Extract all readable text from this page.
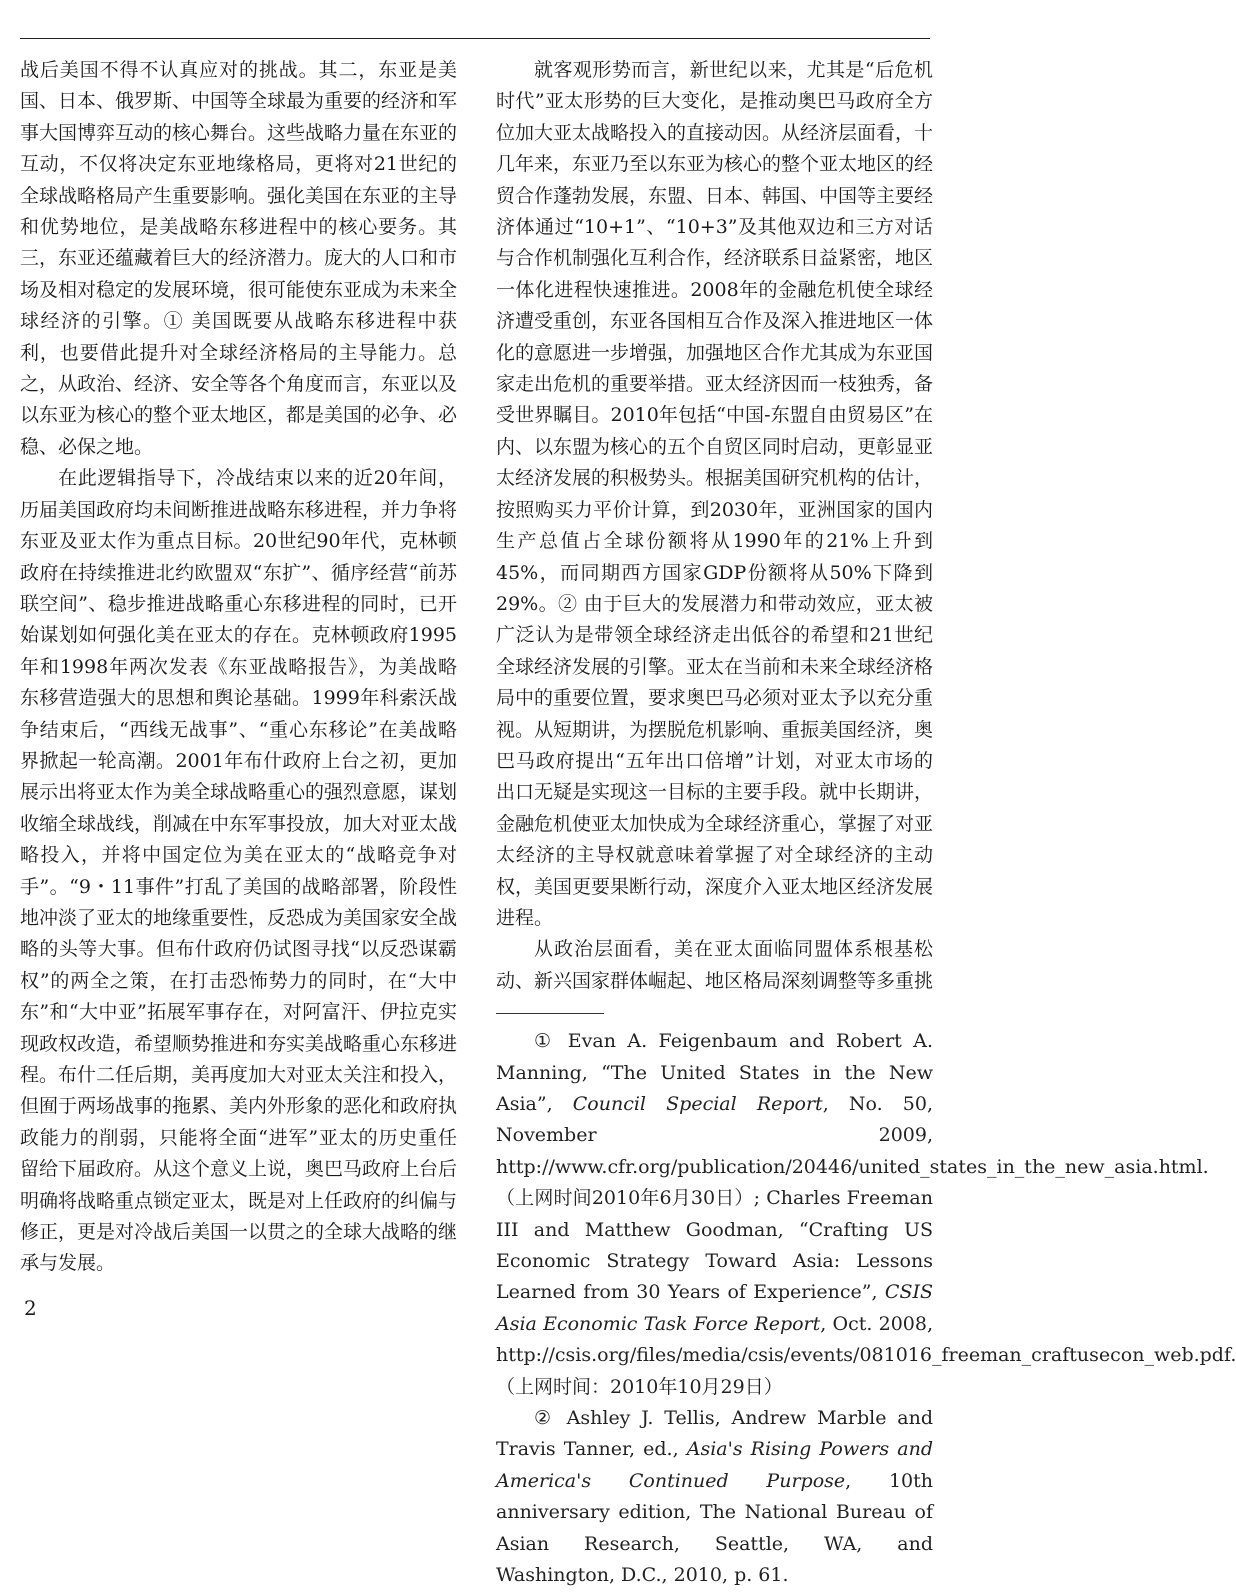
战后美国不得不认真应对的挑战。其二，东亚是美国、日本、俄罗斯、中国等全球最为重要的经济和军事大国博弈互动的核心舞台。这些战略力量在东亚的互动，不仅将决定东亚地缘格局，更将对21世纪的全球战略格局产生重要影响。强化美国在东亚的主导和优势地位，是美战略东移进程中的核心要务。其三，东亚还蕴藏着巨大的经济潜力。庞大的人口和市场及相对稳定的发展环境，很可能使东亚成为未来全球经济的引擎。① 美国既要从战略东移进程中获利，也要借此提升对全球经济格局的主导能力。总之，从政治、经济、安全等各个角度而言，东亚以及以东亚为核心的整个亚太地区，都是美国的必争、必稳、必保之地。

在此逻辑指导下，冷战结束以来的近20年间，历届美国政府均未间断推进战略东移进程，并力争将东亚及亚太作为重点目标。20世纪90年代，克林顿政府在持续推进北约欧盟双“东扩”、循序经营“前苏联空间”、稳步推进战略重心东移进程的同时，已开始谋划如何强化美在亚太的存在。克林顿政府1995年和1998年两次发表《东亚战略报告》，为美战略东移营造强大的思想和舆论基础。1999年科索沃战争结束后，“西线无战事”、“重心东移论”在美战略界掀起一轮高潮。2001年布什政府上台之初，更加展示出将亚太作为美全球战略重心的强烈意愿，谋划收缩全球战线，削减在中东军事投放，加大对亚太战略投入，并将中国定位为美在亚太的“战略竞争对手”。“9・11事件”打乱了美国的战略部署，阶段性地冲淡了亚太的地缘重要性，反恐成为美国家安全战略的头等大事。但布什政府仍试图寻找“以反恐谋霸权”的两全之策，在打击恐怖势力的同时，在“大中东”和“大中亚”拓展军事存在，对阿富汗、伊拉克实现政权改造，希望顺势推进和夯实美战略重心东移进程。布什二任后期，美再度加大对亚太关注和投入，但囿于两场战事的拖累、美内外形象的恶化和政府执政能力的削弱，只能将全面“进军”亚太的历史重任留给下届政府。从这个意义上说，奥巴马政府上台后明确将战略重点锁定亚太，既是对上任政府的纠偏与修正，更是对冷战后美国一以贯之的全球大战略的继承与发展。

就客观形势而言，新世纪以来，尤其是“后危机时代”亚太形势的巨大变化，是推动奥巴马政府全方位加大亚太战略投入的直接动因。从经济层面看，十几年来，东亚乃至以东亚为核心的整个亚太地区的经贸合作蓬勃发展，东盟、日本、韩国、中国等主要经济体通过“10+1”、“10+3”及其他双边和三方对话与合作机制强化互利合作，经济联系日益紧密，地区一体化进程快速推进。2008年的金融危机使全球经济遭受重创，东亚各国相互合作及深入推进地区一体化的意愿进一步增强，加强地区合作尤其成为东亚国家走出危机的重要举措。亚太经济因而一枝独秀，备受世界瞩目。2010年包括“中国-东盟自由贸易区”在内、以东盟为核心的五个自贸区同时启动，更彰显亚太经济发展的积极势头。根据美国研究机构的估计，按照购买力平价计算，到2030年，亚洲国家的国内生产总值占全球份额将从1990年的21%上升到45%，而同期西方国家GDP份额将从50%下降到29%。② 由于巨大的发展潜力和带动效应，亚太被广泛认为是带领全球经济走出低谷的希望和21世纪全球经济发展的引擎。亚太在当前和未来全球经济格局中的重要位置，要求奥巴马必须对亚太予以充分重视。从短期讲，为摆脱危机影响、重振美国经济，奥巴马政府提出“五年出口倍增”计划，对亚太市场的出口无疑是实现这一目标的主要手段。就中长期讲，金融危机使亚太加快成为全球经济重心，掌握了对亚太经济的主导权就意味着掌握了对全球经济的主动权，美国更要果断行动，深度介入亚太地区经济发展进程。

从政治层面看，美在亚太面临同盟体系根基松动、新兴国家群体崛起、地区格局深刻调整等多重挑

① Evan A. Feigenbaum and Robert A. Manning, “The United States in the New Asia”, Council Special Report, No. 50, November 2009, http://www.cfr.org/publication/20446/united_states_in_the_new_asia.html.（上网时间2010年6月30日）; Charles Freeman III and Matthew Goodman, “Crafting US Economic Strategy Toward Asia: Lessons Learned from 30 Years of Experience”, CSIS Asia Economic Task Force Report, Oct. 2008, http://csis.org/files/media/csis/events/081016_freeman_craftusecon_web.pdf.（上网时间：2010年10月29日）

② Ashley J. Tellis, Andrew Marble and Travis Tanner, ed., Asia's Rising Powers and America's Continued Purpose, 10th anniversary edition, The National Bureau of Asian Research, Seattle, WA, and Washington, D.C., 2010, p. 61.

2
